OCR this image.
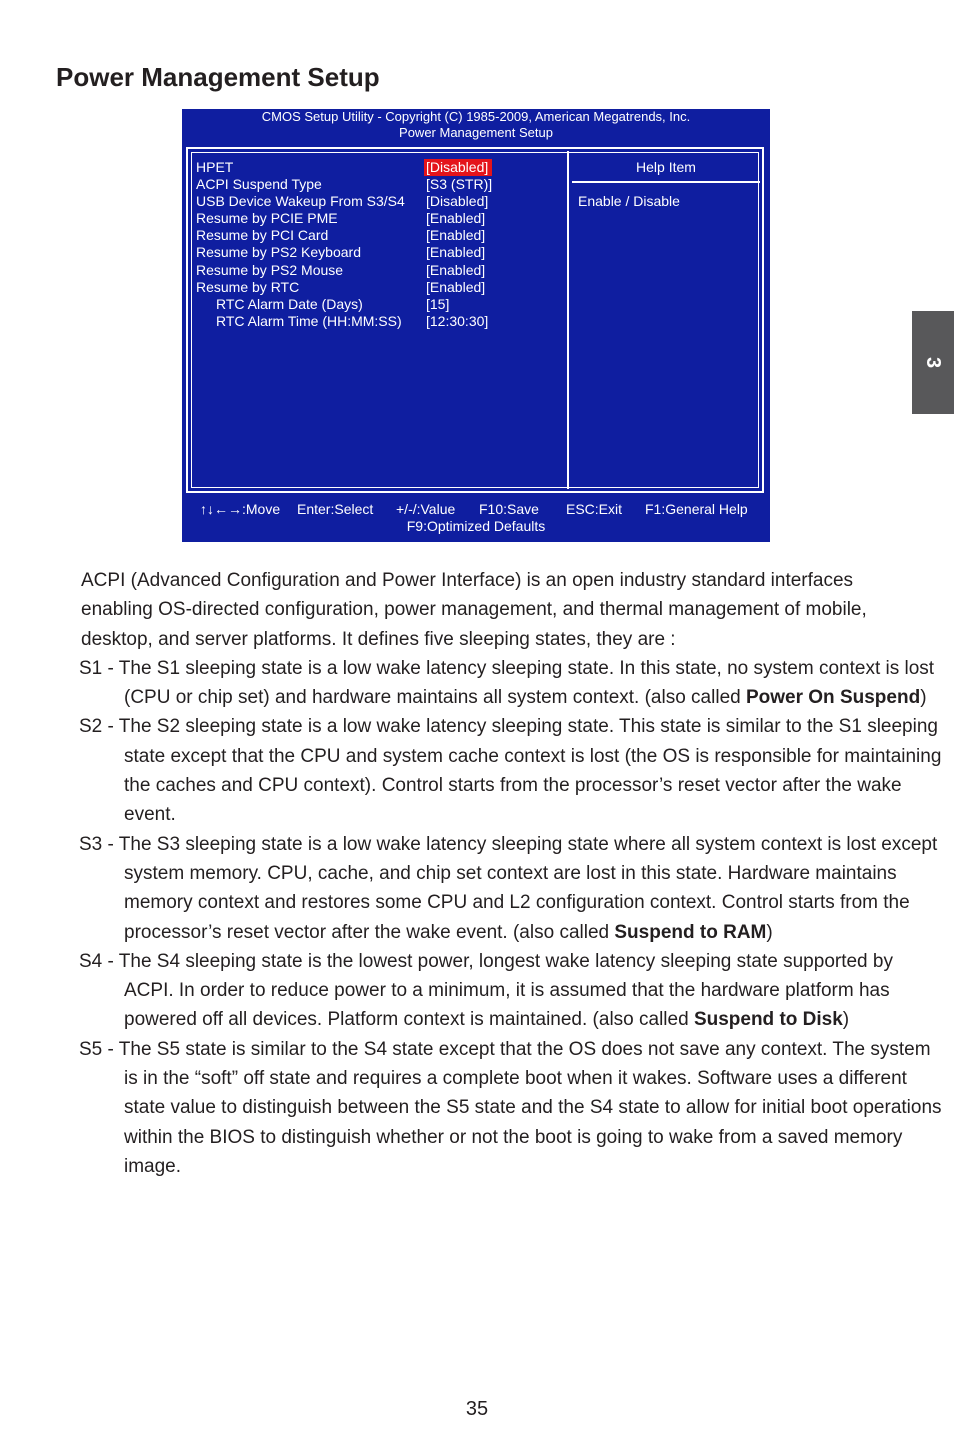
Power Management Setup
3
CMOS Setup Utility - Copyright (C) 1985-2009, American Megatrends, Inc.
Power Management Setup
Help Item
Enable / Disable
HPET	[Disabled]
ACPI Suspend Type	[S3 (STR)]
USB Device Wakeup From S3/S4 [Disabled]
Resume by PCIE PME	[Enabled]
Resume by PCI Card	[Enabled]
Resume by PS2 Keyboard	[Enabled]
Resume by PS2 Mouse	[Enabled]
Resume by RTC	[Enabled]
RTC Alarm Date (Days)	[15]
RTC Alarm Time (HH:MM:SS) [12:30:30]
↑↓←→:Move Enter:Select +/-/:Value F10:Save ESC:Exit F1:General Help
F9:Optimized Defaults

ACPI (Advanced Configuration and Power Interface) is an open industry standard interfaces enabling OS-directed configuration, power management, and thermal management of mobile, desktop, and server platforms. It defines five sleeping states, they are :

S1 - The S1 sleeping state is a low wake latency sleeping state. In this state, no system context is lost (CPU or chip set) and hardware maintains all system context. (also called Power On Suspend)

S2 - The S2 sleeping state is a low wake latency sleeping state. This state is similar to the S1 sleeping state except that the CPU and system cache context is lost (the OS is responsible for maintaining the caches and CPU context). Control starts from the processor’s reset vector after the wake event.

S3 - The S3 sleeping state is a low wake latency sleeping state where all system context is lost except system memory. CPU, cache, and chip set context are lost in this state. Hardware maintains memory context and restores some CPU and L2 configuration context. Control starts from the processor’s reset vector after the wake event. (also called Suspend to RAM)

S4 - The S4 sleeping state is the lowest power, longest wake latency sleeping state supported by ACPI. In order to reduce power to a minimum, it is assumed that the hardware platform has powered off all devices. Platform context is maintained. (also called Suspend to Disk)

S5 - The S5 state is similar to the S4 state except that the OS does not save any context. The system is in the “soft” off state and requires a complete boot when it wakes. Software uses a different state value to distinguish between the S5 state and the S4 state to allow for initial boot operations within the BIOS to distinguish whether or not the boot is going to wake from a saved memory image.

35
